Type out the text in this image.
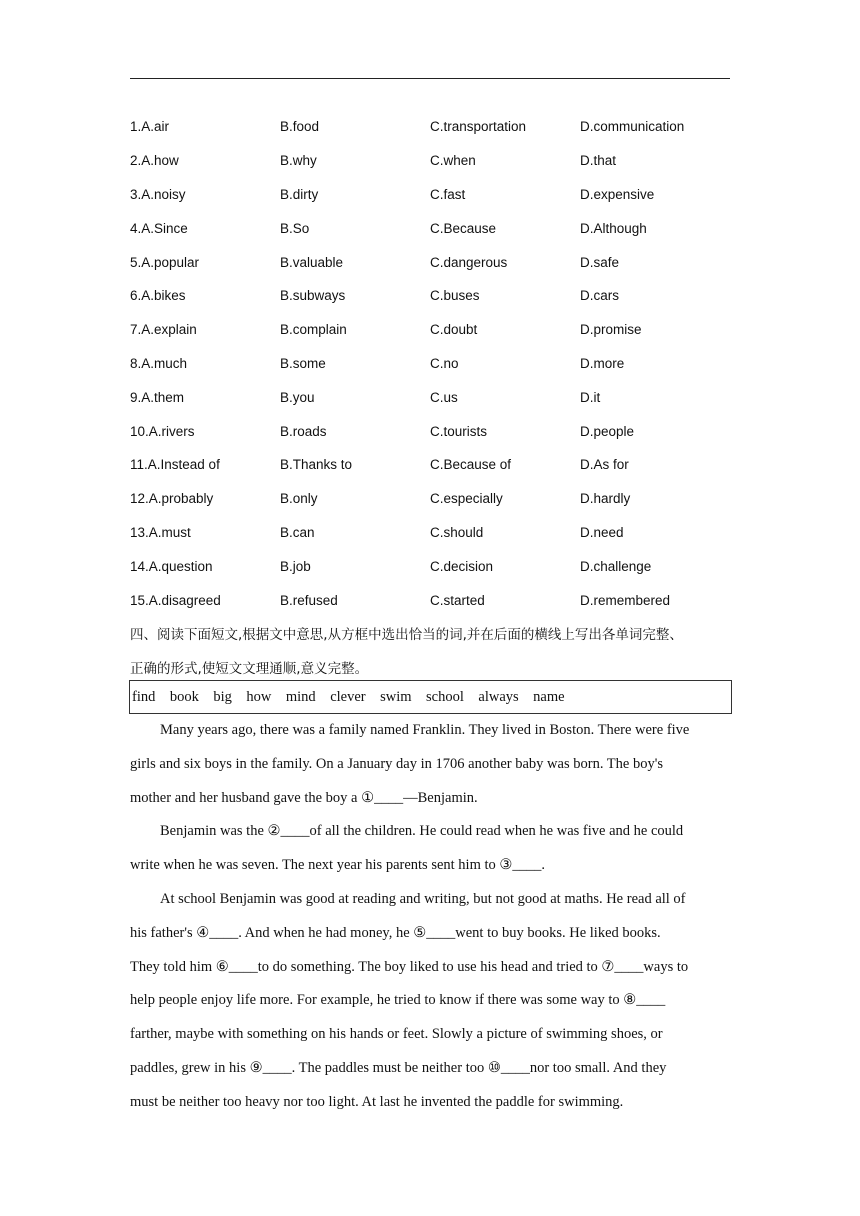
1.A.air	B.food	C.transportation	D.communication
2.A.how	B.why	C.when	D.that
3.A.noisy	B.dirty	C.fast	D.expensive
4.A.Since	B.So	C.Because	D.Although
5.A.popular	B.valuable	C.dangerous	D.safe
6.A.bikes	B.subways	C.buses	D.cars
7.A.explain	B.complain	C.doubt	D.promise
8.A.much	B.some	C.no	D.more
9.A.them	B.you	C.us	D.it
10.A.rivers	B.roads	C.tourists	D.people
11.A.Instead of	B.Thanks to	C.Because of	D.As for
12.A.probably	B.only	C.especially	D.hardly
13.A.must	B.can	C.should	D.need
14.A.question	B.job	C.decision	D.challenge
15.A.disagreed	B.refused	C.started	D.remembered
四、阅读下面短文,根据文中意思,从方框中选出恰当的词,并在后面的横线上写出各单词完整、
正确的形式,使短文文理通顺,意义完整。
find book big how mind clever swim school always name
Many years ago, there was a family named Franklin. They lived in Boston. There were five
girls and six boys in the family. On a January day in 1706 another baby was born. The boy's
mother and her husband gave the boy a ①____—Benjamin.
Benjamin was the ②____of all the children. He could read when he was five and he could
write when he was seven. The next year his parents sent him to ③____.
At school Benjamin was good at reading and writing, but not good at maths. He read all of
his father's ④____. And when he had money, he ⑤____went to buy books. He liked books.
They told him ⑥____to do something. The boy liked to use his head and tried to ⑦____ways to
help people enjoy life more. For example, he tried to know if there was some way to ⑧____
farther, maybe with something on his hands or feet. Slowly a picture of swimming shoes, or
paddles, grew in his ⑨____. The paddles must be neither too ⑩____nor too small. And they
must be neither too heavy nor too light. At last he invented the paddle for swimming.
